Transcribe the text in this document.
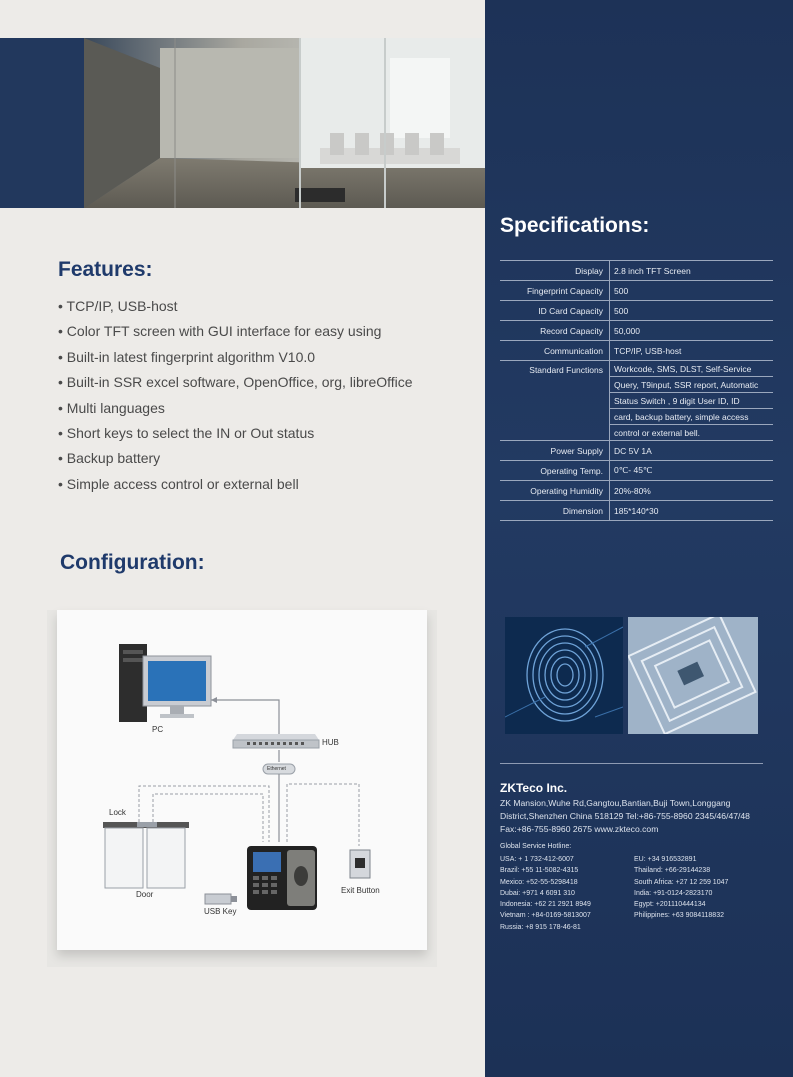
Features:
• TCP/IP, USB-host
• Color TFT screen with GUI interface for easy using
• Built-in latest fingerprint algorithm V10.0
• Built-in SSR excel software, OpenOffice, org, libreOffice
• Multi languages
• Short keys to select the IN or Out status
• Backup battery
• Simple access control or external bell
Configuration:
PC
HUB
Ethernet
Lock
Door
USB Key
Exit Button
Specifications:
Display	2.8 inch TFT Screen
Fingerprint Capacity	500
ID Card Capacity	500
Record Capacity	50,000
Communication	TCP/IP, USB-host
Standard Functions	Workcode, SMS, DLST, Self-Service
	Query, T9input, SSR report, Automatic
	Status Switch , 9 digit User ID, ID
	card, backup battery, simple access
	control or external bell.
Power Supply	DC 5V 1A
Operating Temp.	0℃- 45℃
Operating Humidity	20%-80%
Dimension	185*140*30
ZKTeco Inc.
ZK Mansion,Wuhe Rd,Gangtou,Bantian,Buji Town,Longgang
District,Shenzhen China 518129 Tel:+86-755-8960 2345/46/47/48
Fax:+86-755-8960 2675 www.zkteco.com
Global Service Hotline:
USA: + 1 732-412-6007
Brazil: +55 11-5082-4315
Mexico: +52-55-5298418
Dubai: +971 4 6091 310
Indonesia: +62 21 2921 8949
Vietnam : +84-0169-5813007
Russia: +8 915 178-46-81
EU: +34 916532891
Thailand: +66-29144238
South Africa: +27 12 259 1047
India: +91-0124-2823170
Egypt: +201110444134
Philippines: +63 9084118832
